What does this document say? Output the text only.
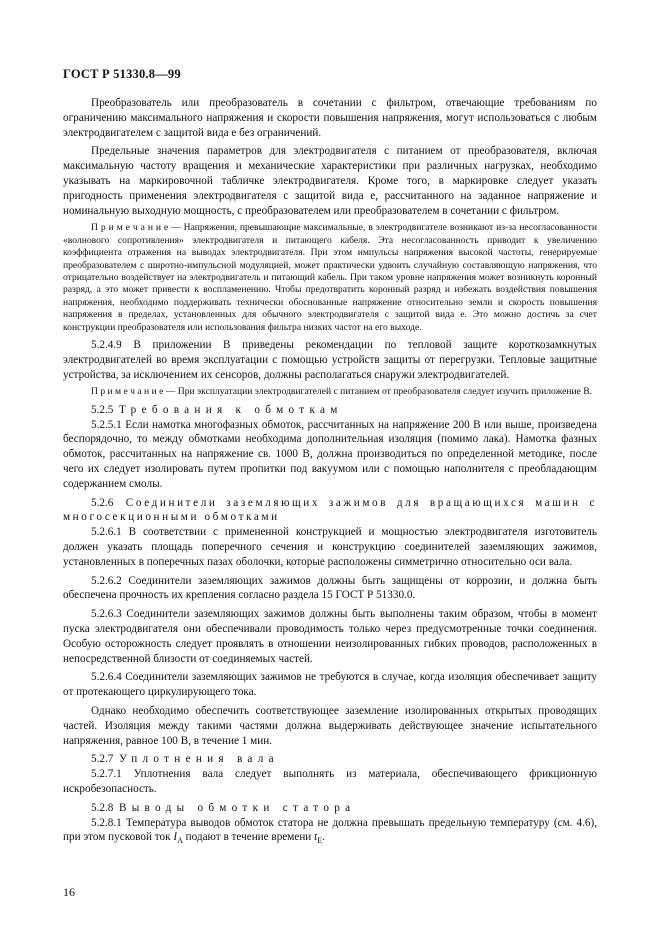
ГОСТ Р 51330.8—99

Преобразователь или преобразователь в сочетании с фильтром, отвечающие требованиям по ограничению максимального напряжения и скорости повышения напряжения, могут использоваться с любым электродвигателем с защитой вида е без ограничений.

Предельные значения параметров для электродвигателя с питанием от преобразователя, включая максимальную частоту вращения и механические характеристики при различных нагрузках, необходимо указывать на маркировочной табличке электродвигателя. Кроме того, в маркировке следует указать пригодность применения электродвигателя с защитой вида е, рассчитанного на заданное напряжение и номинальную выходную мощность, с преобразователем или преобразователем в сочетании с фильтром.

П р и м е ч а н и е — Напряжения, превышающие максимальные, в электродвигателе возникают из-за несогласованности «волнового сопротивления» электродвигателя и питающего кабеля. Эта несогласованность приводит к увеличению коэффициента отражения на выводах электродвигателя. При этом импульсы напряжения высокой частоты, генерируемые преобразователем с широтно-импульсной модуляцией, может практически удвоить случайную составляющую напряжения, что отрицательно воздействует на электродвигатель и питающий кабель. При таком уровне напряжения может возникнуть коронный разряд, а это может привести к воспламенению. Чтобы предотвратить коронный разряд и избежать воздействия повышения напряжения, необходимо поддерживать технически обоснованные напряжение относительно земли и скорость повышения напряжения в пределах, установленных для обычного электродвигателя с защитой вида е. Это можно достичь за счет конструкции преобразователя или использования фильтра низких частот на его выходе.

5.2.4.9 В приложении В приведены рекомендации по тепловой защите короткозамкнутых электродвигателей во время эксплуатации с помощью устройств защиты от перегрузки. Тепловые защитные устройства, за исключением их сенсоров, должны располагаться снаружи электродвигателей.

П р и м е ч а н и е — При эксплуатации электродвигателей с питанием от преобразователя следует изучить приложение В.

5.2.5 Требования к обмоткам

5.2.5.1 Если намотка многофазных обмоток, рассчитанных на напряжение 200 В или выше, произведена беспорядочно, то между обмотками необходима дополнительная изоляция (помимо лака). Намотка фазных обмоток, рассчитанных на напряжение св. 1000 В, должна производиться по определенной методике, после чего их следует изолировать путем пропитки под вакуумом или с помощью наполнителя с преобладающим содержанием смолы.

5.2.6 Соединители заземляющих зажимов для вращающихся машин с многосекционными обмотками

5.2.6.1 В соответствии с примененной конструкцией и мощностью электродвигателя изготовитель должен указать площадь поперечного сечения и конструкцию соединителей заземляющих зажимов, установленных в поперечных пазах оболочки, которые расположены симметрично относительно оси вала.

5.2.6.2 Соединители заземляющих зажимов должны быть защищены от коррозии, и должна быть обеспечена прочность их крепления согласно раздела 15 ГОСТ Р 51330.0.

5.2.6.3 Соединители заземляющих зажимов должны быть выполнены таким образом, чтобы в момент пуска электродвигателя они обеспечивали проводимость только через предусмотренные точки соединения. Особую осторожность следует проявлять в отношении неизолированных гибких проводов, расположенных в непосредственной близости от соединяемых частей.

5.2.6.4 Соединители заземляющих зажимов не требуются в случае, когда изоляция обеспечивает защиту от протекающего циркулирующего тока.

Однако необходимо обеспечить соответствующее заземление изолированных открытых проводящих частей. Изоляция между такими частями должна выдерживать действующее значение испытательного напряжения, равное 100 В, в течение 1 мин.

5.2.7 Уплотнения вала

5.2.7.1 Уплотнения вала следует выполнять из материала, обеспечивающего фрикционную искробезопасность.

5.2.8 Выводы обмотки статора

5.2.8.1 Температура выводов обмоток статора не должна превышать предельную температуру (см. 4.6), при этом пусковой ток $I_A$ подают в течение времени $t_E$.

16
